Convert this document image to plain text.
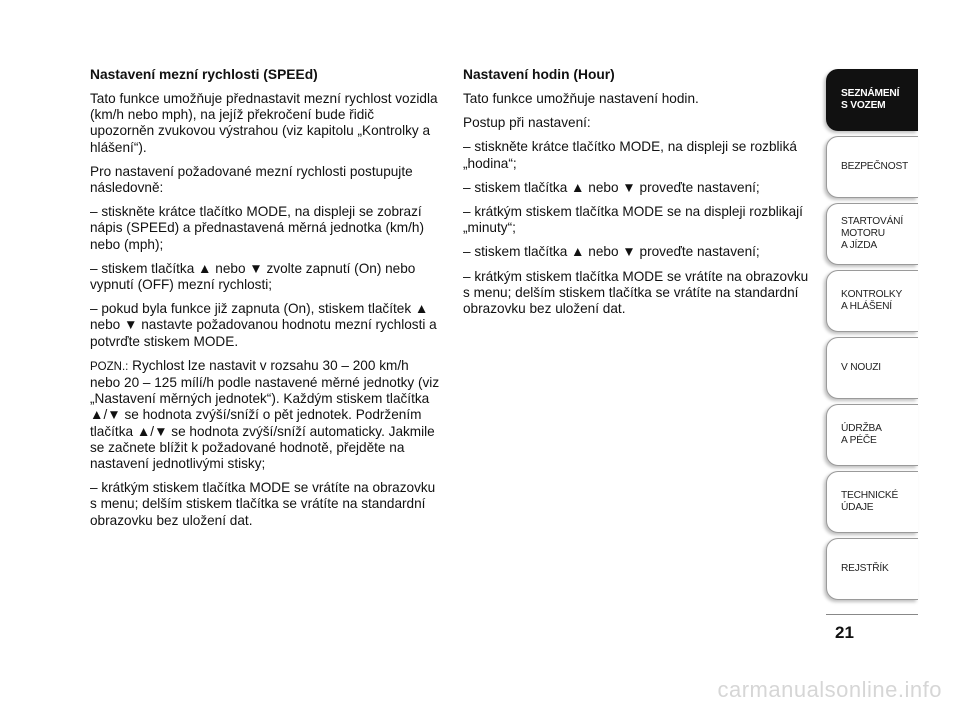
Nastavení mezní rychlosti (SPEEd)

Tato funkce umožňuje přednastavit mezní rychlost vozidla (km/h nebo mph), na jejíž překročení bude řidič upozorněn zvukovou výstrahou (viz kapitolu „Kontrolky a hlášení“).

Pro nastavení požadované mezní rychlosti postupujte následovně:

– stiskněte krátce tlačítko MODE, na displeji se zobrazí nápis (SPEEd) a přednastavená měrná jednotka (km/h) nebo (mph);

– stiskem tlačítka ▲ nebo ▼ zvolte zapnutí (On) nebo vypnutí (OFF) mezní rychlosti;

– pokud byla funkce již zapnuta (On), stiskem tlačítek ▲ nebo ▼ nastavte požadovanou hodnotu mezní rychlosti a potvrďte stiskem MODE.

POZN.: Rychlost lze nastavit v rozsahu 30 – 200 km/h nebo 20 – 125 mílí/h podle nastavené měrné jednotky (viz „Nastavení měrných jednotek“). Každým stiskem tlačítka ▲/▼ se hodnota zvýší/sníží o pět jednotek. Podržením tlačítka ▲/▼ se hodnota zvýší/sníží automaticky. Jakmile se začnete blížit k požadované hodnotě, přejděte na nastavení jednotlivými stisky;

– krátkým stiskem tlačítka MODE se vrátíte na obrazovku s menu; delším stiskem tlačítka se vrátíte na standardní obrazovku bez uložení dat.

Nastavení hodin (Hour)

Tato funkce umožňuje nastavení hodin.

Postup při nastavení:

– stiskněte krátce tlačítko MODE, na displeji se rozbliká „hodina“;

– stiskem tlačítka ▲ nebo ▼ proveďte nastavení;

– krátkým stiskem tlačítka MODE se na displeji rozblikají „minuty“;

– stiskem tlačítka ▲ nebo ▼ proveďte nastavení;

– krátkým stiskem tlačítka MODE se vrátíte na obrazovku s menu; delším stiskem tlačítka se vrátíte na standardní obrazovku bez uložení dat.

SEZNÁMENÍ
S VOZEM
BEZPEČNOST
STARTOVÁNÍ
MOTORU
A JÍZDA
KONTROLKY
A HLÁŠENÍ
V NOUZI
ÚDRŽBA
A PÉČE
TECHNICKÉ
ÚDAJE
REJSTŘÍK
21
carmanualsonline.info
